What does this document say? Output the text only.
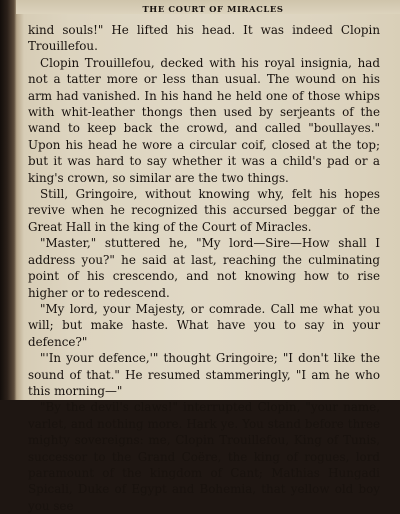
THE COURT OF MIRACLES

kind souls!" He lifted his head. It was indeed Clopin Trouillefou.

Clopin Trouillefou, decked with his royal insignia, had not a tatter more or less than usual. The wound on his arm had vanished. In his hand he held one of those whips with whit-leather thongs then used by serjeants of the wand to keep back the crowd, and called "boullayes." Upon his head he wore a circular coif, closed at the top; but it was hard to say whether it was a child's pad or a king's crown, so similar are the two things.

Still, Gringoire, without knowing why, felt his hopes revive when he recognized this accursed beggar of the Great Hall in the king of the Court of Miracles.

"Master," stuttered he, "My lord—Sire—How shall I address you?" he said at last, reaching the culminating point of his crescendo, and not knowing how to rise higher or to redescend.

"My lord, your Majesty, or comrade. Call me what you will; but make haste. What have you to say in your defence?"

"'In your defence,'" thought Gringoire; "I don't like the sound of that." He resumed stammeringly, "I am he who this morning—"

"By the devil's claws!" interrupted Clopin, "your name, varlet, and nothing more. Hark ye. You stand before three mighty sovereigns: me, Clopin Trouillefou, King of Tunis, successor to the Grand Coëre, the king of rogues, lord paramount of the kingdom of Cant; Mathias Hungadi Spicali, Duke of Egypt and Bohemia, that yellow old boy you see
